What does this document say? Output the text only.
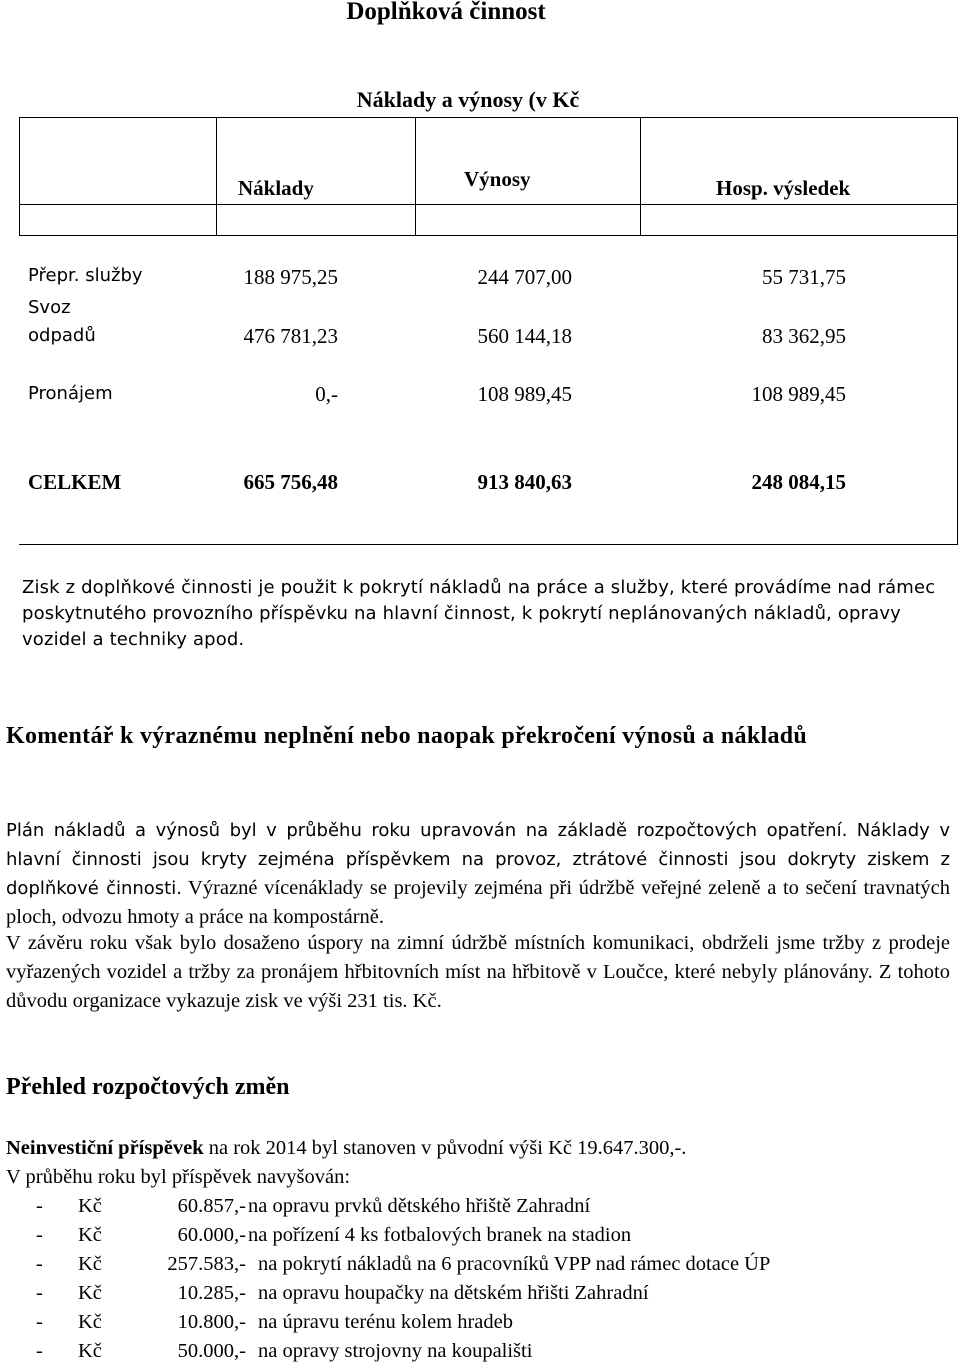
Doplňková činnost
Náklady a výnosy (v Kč
Náklady	Výnosy	Hosp. výsledek
Přepr. služby	188 975,25	244 707,00	55 731,75
Svoz
odpadů	476 781,23	560 144,18	83 362,95
Pronájem	0,-	108 989,45	108 989,45
CELKEM	665 756,48	913 840,63	248 084,15
Zisk z doplňkové činnosti je použit k pokrytí nákladů na práce a služby, které provádíme nad rámec poskytnutého provozního příspěvku na hlavní činnost, k pokrytí neplánovaných nákladů, opravy vozidel a techniky apod.
Komentář k výraznému neplnění nebo naopak překročení výnosů a nákladů
Plán nákladů a výnosů byl v průběhu roku upravován na základě rozpočtových opatření. Náklady v hlavní činnosti jsou kryty zejména příspěvkem na provoz, ztrátové činnosti jsou dokryty ziskem z doplňkové činnosti. Výrazné vícenáklady se projevily zejména při údržbě veřejné zeleně a to sečení travnatých ploch, odvozu hmoty a práce na kompostárně.
V závěru roku však bylo dosaženo úspory na zimní údržbě místních komunikaci, obdrželi jsme tržby z prodeje vyřazených vozidel a tržby za pronájem hřbitovních míst na hřbitově v Loučce, které nebyly plánovány. Z tohoto důvodu organizace vykazuje zisk ve výši 231 tis. Kč.
Přehled rozpočtových změn
Neinvestiční příspěvek na rok 2014 byl stanoven v původní výši Kč 19.647.300,-.
V průběhu roku byl příspěvek navyšován:
- Kč	60.857,- na opravu prvků dětského hřiště Zahradní
- Kč	60.000,- na pořízení 4 ks fotbalových branek na stadion
- Kč	257.583,- na pokrytí nákladů na 6 pracovníků VPP nad rámec dotace ÚP
- Kč	10.285,- na opravu houpačky na dětském hřišti Zahradní
- Kč	10.800,- na úpravu terénu kolem hradeb
- Kč	50.000,- na opravy strojovny na koupališti
